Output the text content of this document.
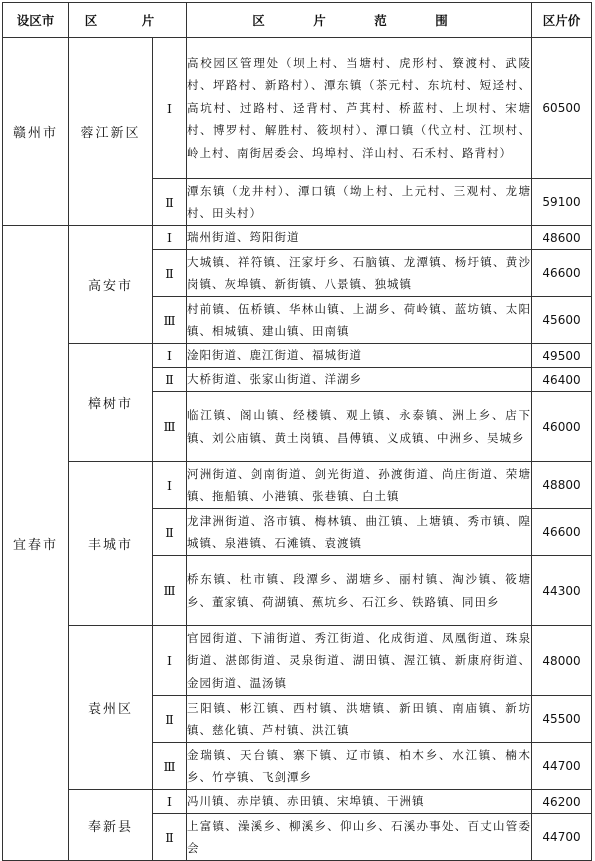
设区市	区　片		区　片　范　围	区片价
赣州市	蓉江新区	Ⅰ	高校园区管理处（坝上村、当塘村、虎形村、簝渡村、武陵村、坪路村、新路村）、潭东镇（茶元村、东坑村、短迳村、高坑村、过路村、迳背村、芦萁村、桥蓝村、上坝村、宋塘村、博罗村、解胜村、筱坝村）、潭口镇（代立村、江坝村、岭上村、南街居委会、坞埠村、洋山村、石禾村、路背村）	60500
		Ⅱ	潭东镇（龙井村）、潭口镇（坳上村、上元村、三观村、龙塘村、田头村）	59100
宜春市	高安市	Ⅰ	瑞州街道、筠阳街道	48600
		Ⅱ	大城镇、祥符镇、汪家圩乡、石脑镇、龙潭镇、杨圩镇、黄沙岗镇、灰埠镇、新街镇、八景镇、独城镇	46600
		Ⅲ	村前镇、伍桥镇、华林山镇、上湖乡、荷岭镇、蓝坊镇、太阳镇、相城镇、建山镇、田南镇	45600
	樟树市	Ⅰ	淦阳街道、鹿江街道、福城街道	49500
		Ⅱ	大桥街道、张家山街道、洋湖乡	46400
		Ⅲ	临江镇、阁山镇、经楼镇、观上镇、永泰镇、洲上乡、店下镇、刘公庙镇、黄土岗镇、昌傅镇、义成镇、中洲乡、吴城乡	46000
	丰城市	Ⅰ	河洲街道、剑南街道、剑光街道、孙渡街道、尚庄街道、荣塘镇、拖船镇、小港镇、张巷镇、白土镇	48800
		Ⅱ	龙津洲街道、洛市镇、梅林镇、曲江镇、上塘镇、秀市镇、隍城镇、泉港镇、石滩镇、袁渡镇	46600
		Ⅲ	桥东镇、杜市镇、段潭乡、湖塘乡、丽村镇、淘沙镇、筱塘乡、董家镇、荷湖镇、蕉坑乡、石江乡、铁路镇、同田乡	44300
	袁州区	Ⅰ	官园街道、下浦街道、秀江街道、化成街道、凤凰街道、珠泉街道、湛郎街道、灵泉街道、湖田镇、渥江镇、新康府街道、金园街道、温汤镇	48000
		Ⅱ	三阳镇、彬江镇、西村镇、洪塘镇、新田镇、南庙镇、新坊镇、慈化镇、芦村镇、洪江镇	45500
		Ⅲ	金瑞镇、天台镇、寨下镇、辽市镇、柏木乡、水江镇、楠木乡、竹亭镇、飞剑潭乡	44700
	奉新县	Ⅰ	冯川镇、赤岸镇、赤田镇、宋埠镇、干洲镇	46200
		Ⅱ	上富镇、澡溪乡、柳溪乡、仰山乡、石溪办事处、百丈山管委会	44700
